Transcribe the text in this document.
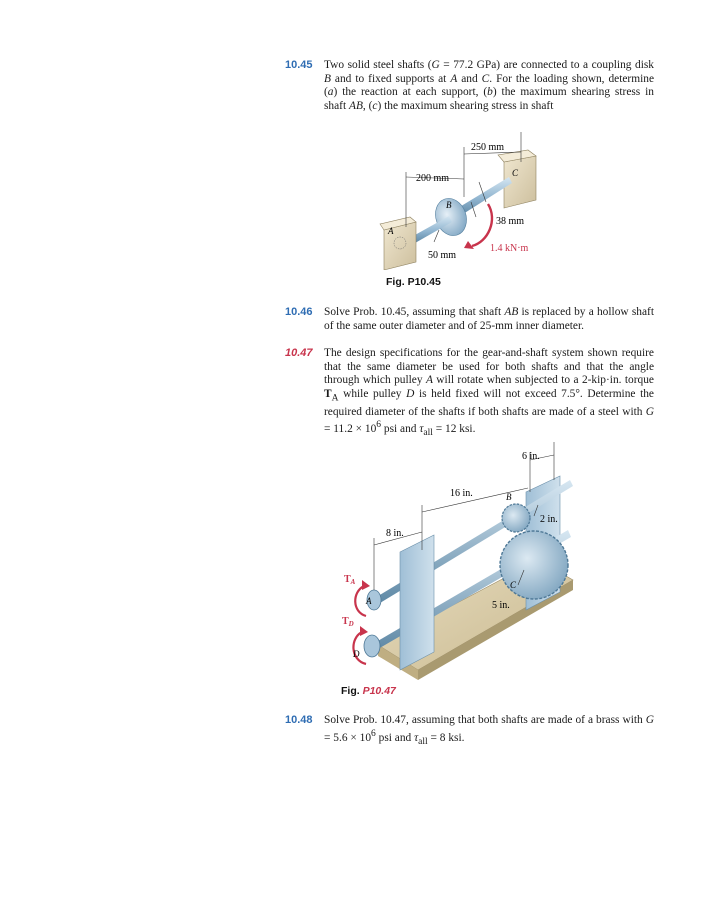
10.45 Two solid steel shafts (G = 77.2 GPa) are connected to a coupling disk B and to fixed supports at A and C. For the loading shown, determine (a) the reaction at each support, (b) the maximum shearing stress in shaft AB, (c) the maximum shearing stress in shaft
250 mm
200 mm
38 mm
50 mm
1.4 kN·m
A
B
C
Fig. P10.45
10.46 Solve Prob. 10.45, assuming that shaft AB is replaced by a hollow shaft of the same outer diameter and of 25-mm inner diameter.
10.47 The design specifications for the gear-and-shaft system shown require that the same diameter be used for both shafts and that the angle through which pulley A will rotate when subjected to a 2-kip·in. torque $T_A$ while pulley D is held fixed will not exceed 7.5°. Determine the required diameter of the shafts if both shafts are made of a steel with $G = 11.2 \times 10^6$ psi and $\tau_{all} = 12$ ksi.
6 in.
16 in.
8 in.
2 in.
5 in.
B
C
A
D
$T_A$
$T_D$
Fig. P10.47
10.48 Solve Prob. 10.47, assuming that both shafts are made of a brass with $G = 5.6 \times 10^6$ psi and $\tau_{all} = 8$ ksi.
